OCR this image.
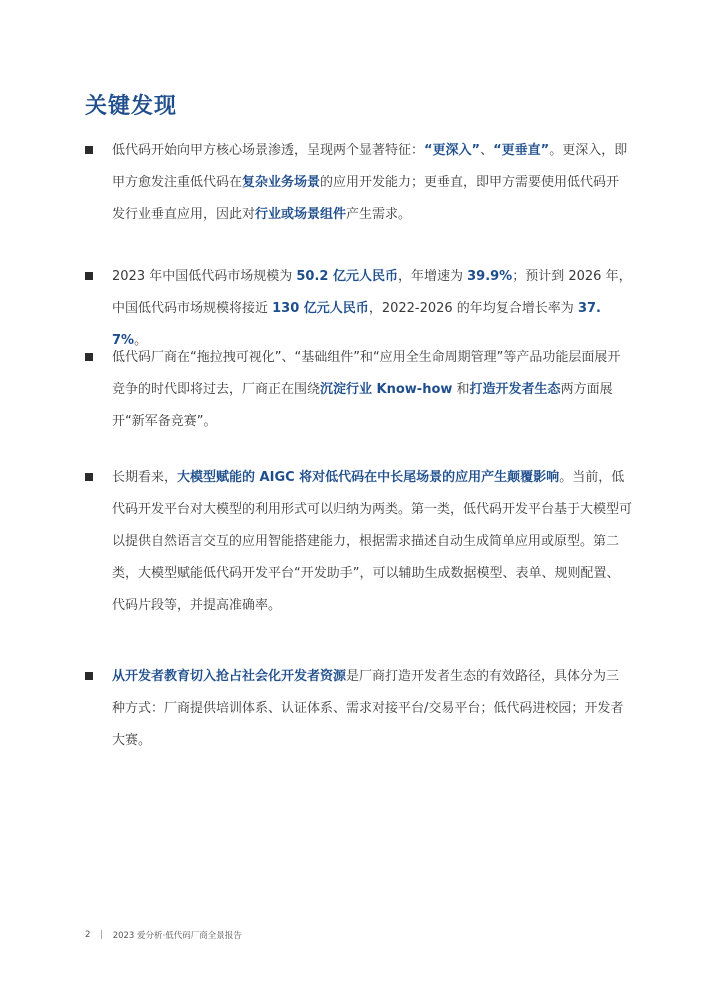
关键发现
低代码开始向甲方核心场景渗透，呈现两个显著特征：“更深入”、“更垂直”。更深入，即甲方愈发注重低代码在复杂业务场景的应用开发能力；更垂直，即甲方需要使用低代码开发行业垂直应用，因此对行业或场景组件产生需求。
2023 年中国低代码市场规模为 50.2 亿元人民币，年增速为 39.9%；预计到 2026 年，中国低代码市场规模将接近 130 亿元人民币，2022-2026 的年均复合增长率为 37.7%。
低代码厂商在“拖拉拽可视化”、“基础组件”和“应用全生命周期管理”等产品功能层面展开竞争的时代即将过去，厂商正在围绕沉淀行业 Know-how 和打造开发者生态两方面展开“新军备竞赛”。
长期看来，大模型赋能的 AIGC 将对低代码在中长尾场景的应用产生颠覆影响。当前，低代码开发平台对大模型的利用形式可以归纳为两类。第一类，低代码开发平台基于大模型可以提供自然语言交互的应用智能搭建能力，根据需求描述自动生成简单应用或原型。第二类，大模型赋能低代码开发平台“开发助手”，可以辅助生成数据模型、表单、规则配置、代码片段等，并提高准确率。
从开发者教育切入抢占社会化开发者资源是厂商打造开发者生态的有效路径，具体分为三种方式：厂商提供培训体系、认证体系、需求对接平台/交易平台；低代码进校园；开发者大赛。
2 | 2023 爱分析·低代码厂商全景报告
